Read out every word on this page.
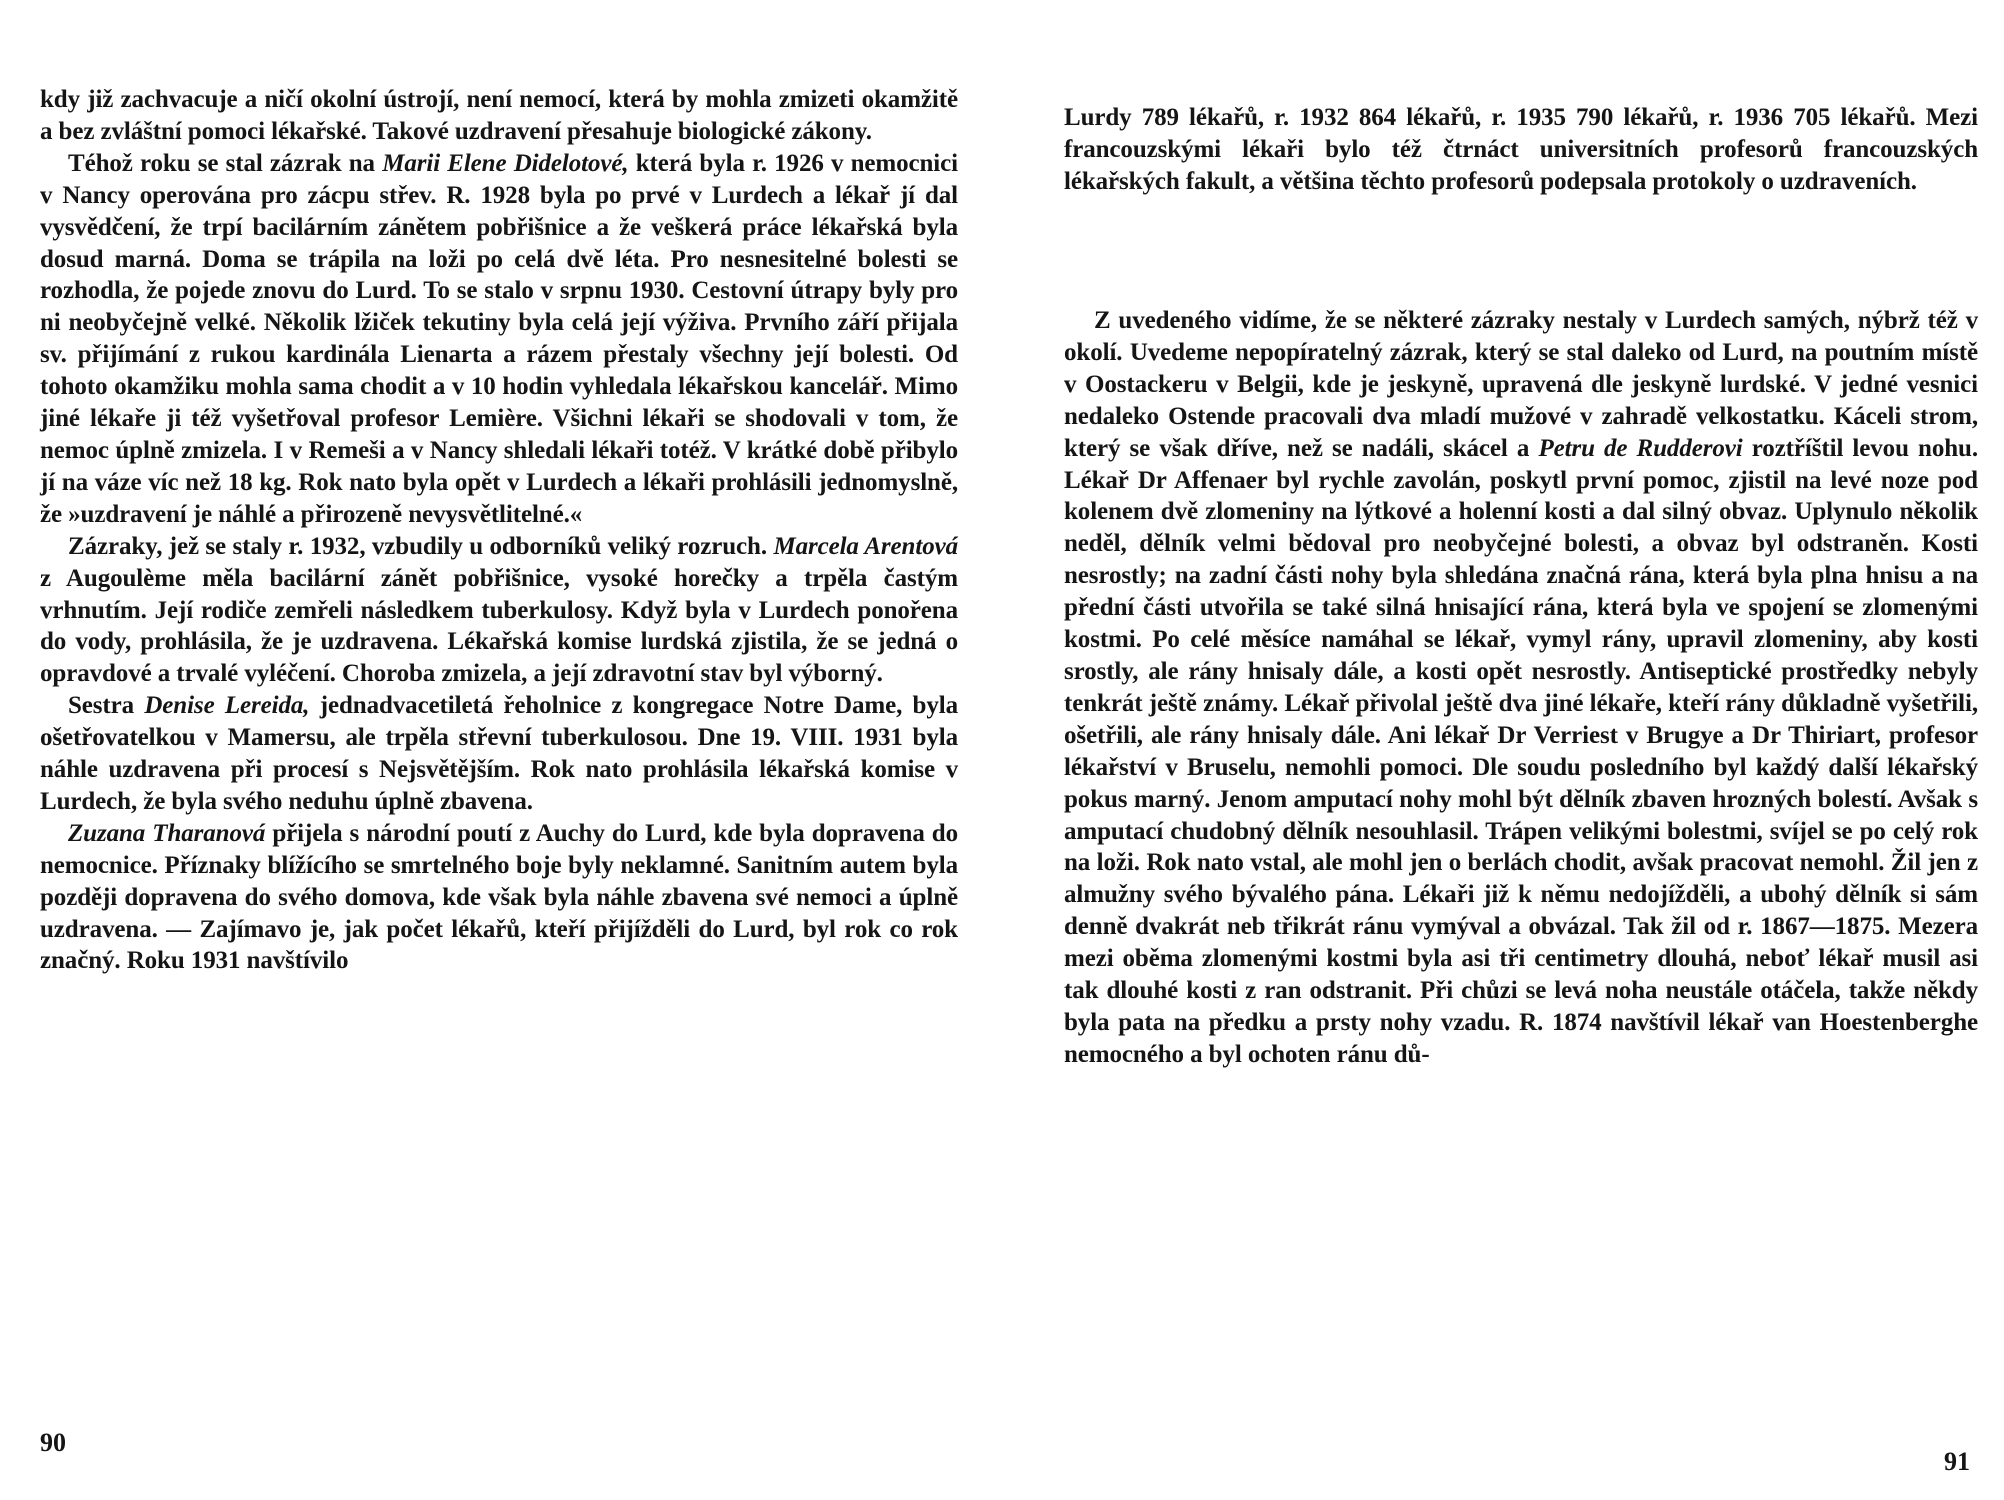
kdy již zachvacuje a ničí okolní ústrojí, není nemocí, která by mohla zmizeti okamžitě a bez zvláštní pomoci lékařské. Takové uzdravení přesahuje biologické zákony.

Téhož roku se stal zázrak na Marii Elene Didelotové, která byla r. 1926 v nemocnici v Nancy operována pro zácpu střev. R. 1928 byla po prvé v Lurdech a lékař jí dal vysvědčení, že trpí bacilárním zánětem pobřišnice a že veškerá práce lékařská byla dosud marná. Doma se trápila na loži po celá dvě léta. Pro nesnesitelné bolesti se rozhodla, že pojede znovu do Lurd. To se stalo v srpnu 1930. Cestovní útrapy byly pro ni neobyčejně velké. Několik lžiček tekutiny byla celá její výživa. Prvního září přijala sv. přijímání z rukou kardinála Lienarta a rázem přestaly všechny její bolesti. Od tohoto okamžiku mohla sama chodit a v 10 hodin vyhledala lékařskou kancelář. Mimo jiné lékaře ji též vyšetřoval profesor Lemière. Všichni lékaři se shodovali v tom, že nemoc úplně zmizela. I v Remeši a v Nancy shledali lékaři totéž. V krátké době přibylo jí na váze víc než 18 kg. Rok nato byla opět v Lurdech a lékaři prohlásili jednomyslně, že »uzdravení je náhlé a přirozeně nevysvětlitelné.«

Zázraky, jež se staly r. 1932, vzbudily u odborníků veliký rozruch. Marcela Arentová z Augoulème měla bacilární zánět pobřišnice, vysoké horečky a trpěla častým vrhnutím. Její rodiče zemřeli následkem tuberkulosy. Když byla v Lurdech ponořena do vody, prohlásila, že je uzdravena. Lékařská komise lurdská zjistila, že se jedná o opravdové a trvalé vyléčení. Choroba zmizela, a její zdravotní stav byl výborný.

Sestra Denise Lereida, jednadvacetiletá řeholnice z kongregace Notre Dame, byla ošetřovatelkou v Mamersu, ale trpěla střevní tuberkulosou. Dne 19. VIII. 1931 byla náhle uzdravena při procesí s Nejsvětějším. Rok nato prohlásila lékařská komise v Lurdech, že byla svého neduhu úplně zbavena.

Zuzana Tharanová přijela s národní poutí z Auchy do Lurd, kde byla dopravena do nemocnice. Příznaky blížícího se smrtelného boje byly neklamné. Sanitním autem byla později dopravena do svého domova, kde však byla náhle zbavena své nemoci a úplně uzdravena. — Zajímavo je, jak počet lékařů, kteří přijížděli do Lurd, byl rok co rok značný. Roku 1931 navštívilo

90

Lurdy 789 lékařů, r. 1932 864 lékařů, r. 1935 790 lékařů, r. 1936 705 lékařů. Mezi francouzskými lékaři bylo též čtrnáct universitních profesorů francouzských lékařských fakult, a většina těchto profesorů podepsala protokoly o uzdraveních.

Z uvedeného vidíme, že se některé zázraky nestaly v Lurdech samých, nýbrž též v okolí. Uvedeme nepopíratelný zázrak, který se stal daleko od Lurd, na poutním místě v Oostackeru v Belgii, kde je jeskyně, upravená dle jeskyně lurdské. V jedné vesnici nedaleko Ostende pracovali dva mladí mužové v zahradě velkostatku. Káceli strom, který se však dříve, než se nadáli, skácel a Petru de Rudderovi roztříštil levou nohu. Lékař Dr Affenaer byl rychle zavolán, poskytl první pomoc, zjistil na levé noze pod kolenem dvě zlomeniny na lýtkové a holenní kosti a dal silný obvaz. Uplynulo několik neděl, dělník velmi bědoval pro neobyčejné bolesti, a obvaz byl odstraněn. Kosti nesrostly; na zadní části nohy byla shledána značná rána, která byla plna hnisu a na přední části utvořila se také silná hnisající rána, která byla ve spojení se zlomenými kostmi. Po celé měsíce namáhal se lékař, vymyl rány, upravil zlomeniny, aby kosti srostly, ale rány hnisaly dále, a kosti opět nesrostly. Antiseptické prostředky nebyly tenkrát ještě známy. Lékař přivolal ještě dva jiné lékaře, kteří rány důkladně vyšetřili, ošetřili, ale rány hnisaly dále. Ani lékař Dr Verriest v Brugye a Dr Thiriart, profesor lékařství v Bruselu, nemohli pomoci. Dle soudu posledního byl každý další lékařský pokus marný. Jenom amputací nohy mohl být dělník zbaven hrozných bolestí. Avšak s amputací chudobný dělník nesouhlasil. Trápen velikými bolestmi, svíjel se po celý rok na loži. Rok nato vstal, ale mohl jen o berlách chodit, avšak pracovat nemohl. Žil jen z almužny svého bývalého pána. Lékaři již k němu nedojížděli, a ubohý dělník si sám denně dvakrát neb třikrát ránu vymýval a obvázal. Tak žil od r. 1867—1875. Mezera mezi oběma zlomenými kostmi byla asi tři centimetry dlouhá, neboť lékař musil asi tak dlouhé kosti z ran odstranit. Při chůzi se levá noha neustále otáčela, takže někdy byla pata na předku a prsty nohy vzadu. R. 1874 navštívil lékař van Hoestenberghe nemocného a byl ochoten ránu dů-

91
